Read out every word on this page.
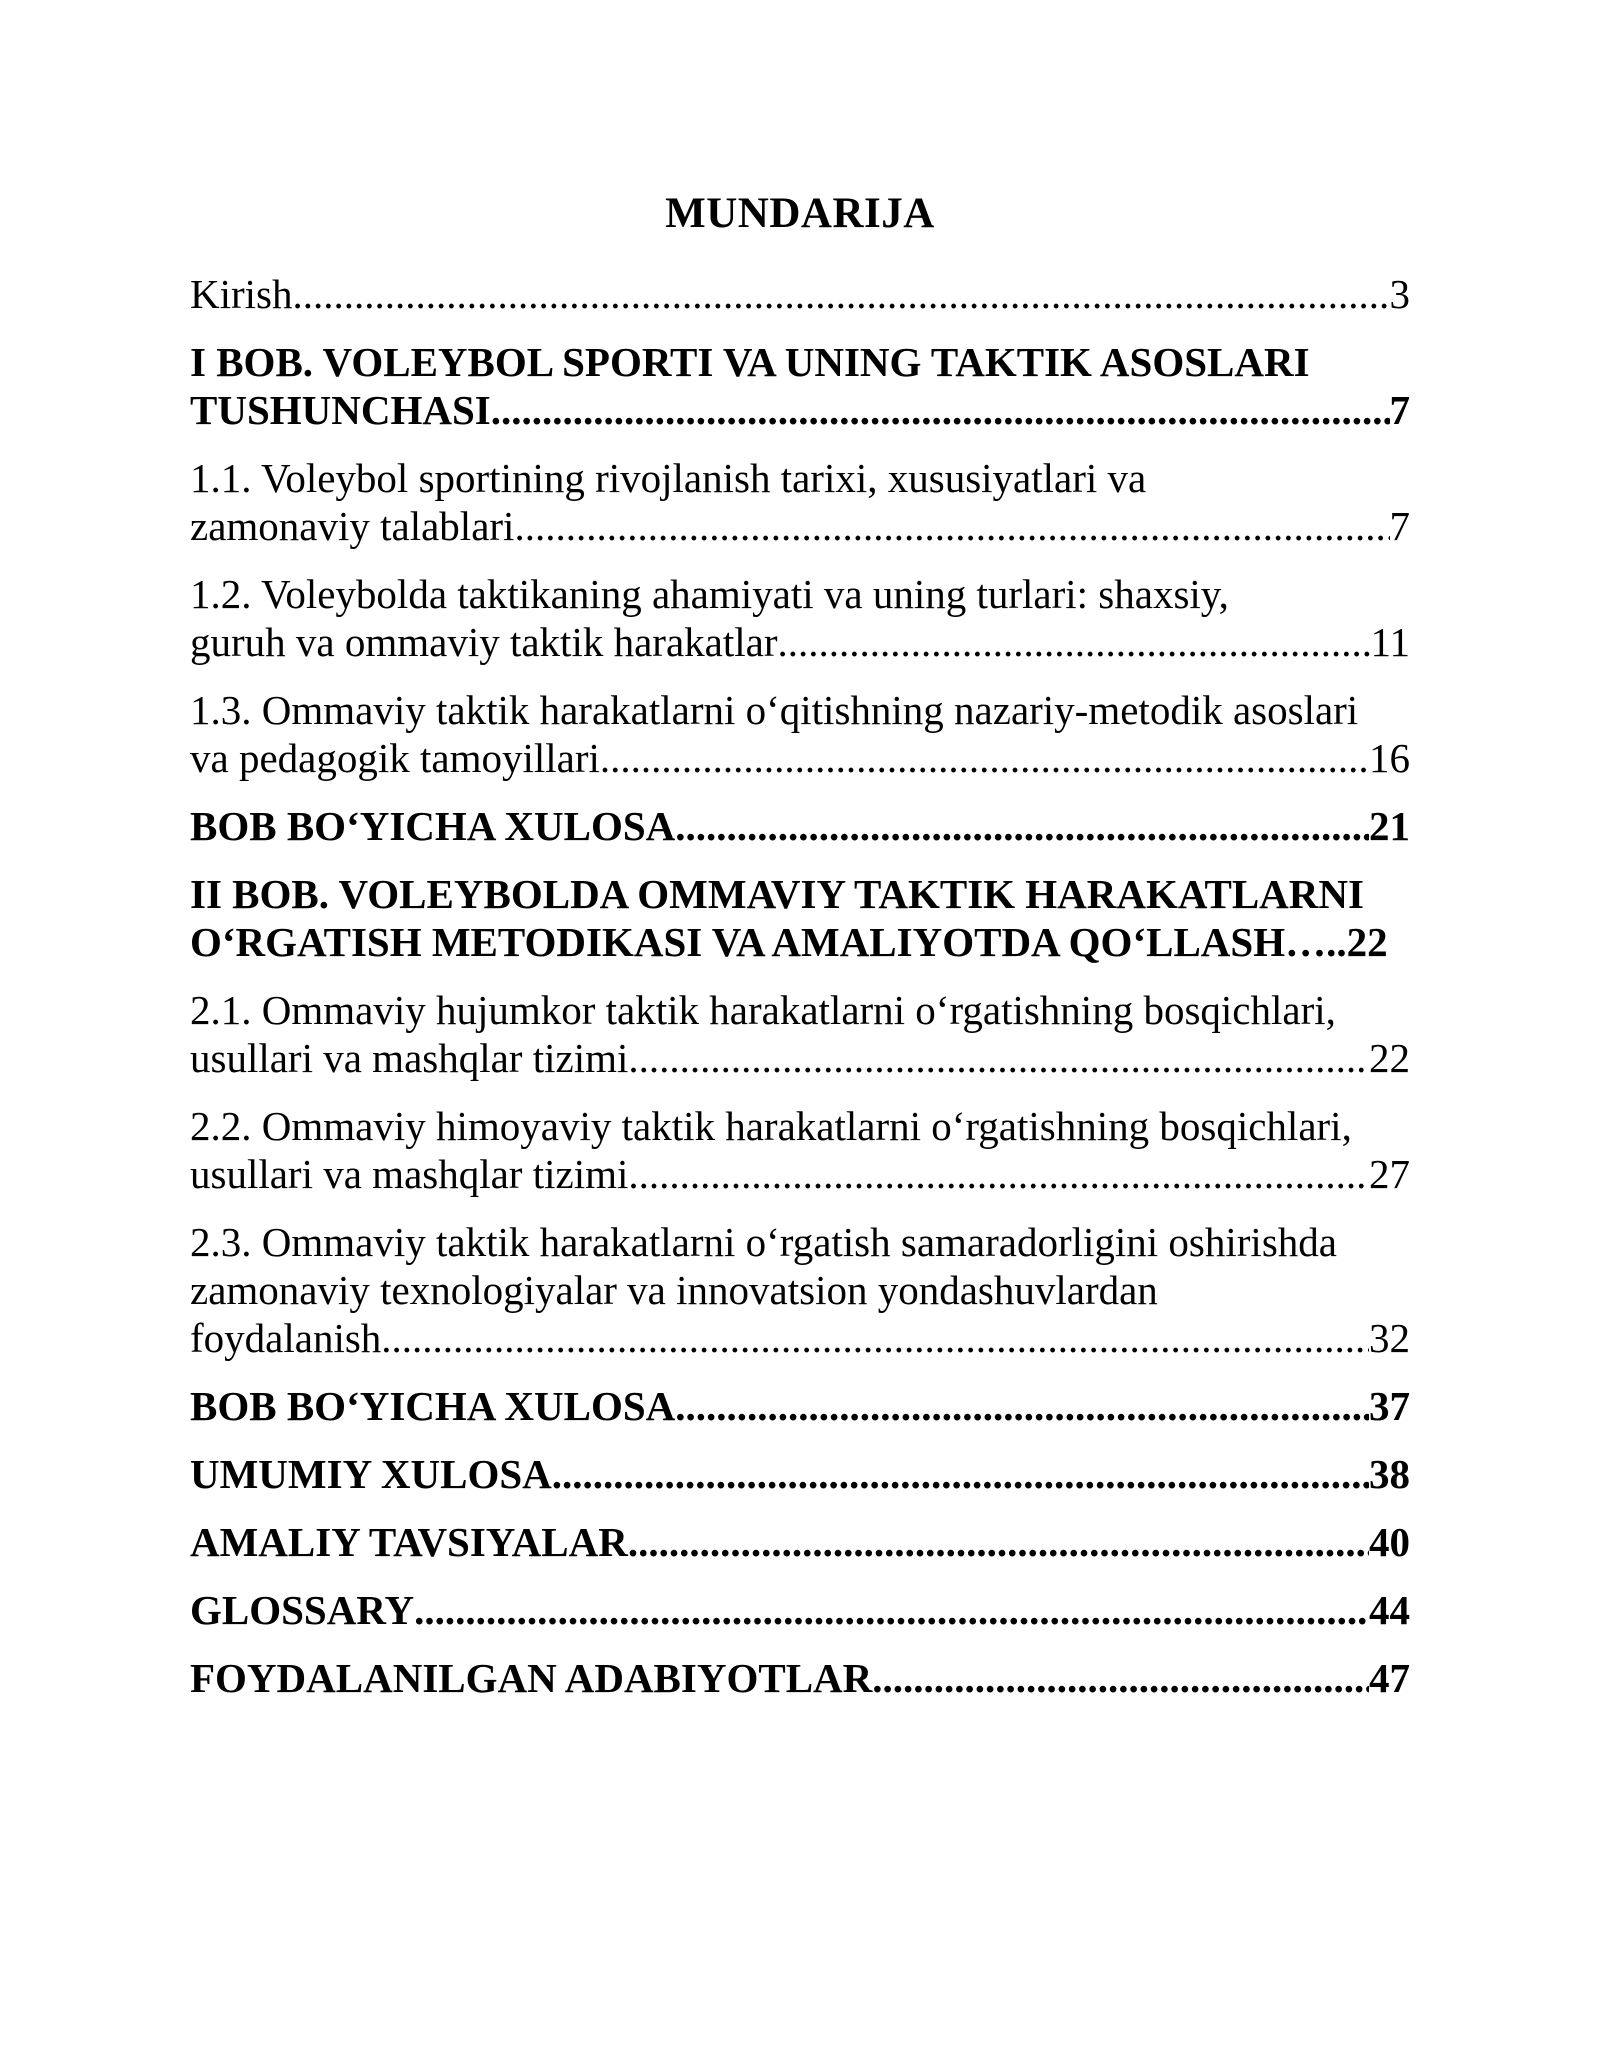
MUNDARIJA
Kirish .....	3
I BOB. VOLEYBOL SPORTI VA UNING TAKTIK ASOSLARI
TUSHUNCHASI .....	7
1.1. Voleybol sportining rivojlanish tarixi, xususiyatlari va
zamonaviy talablari .....	7
1.2. Voleybolda taktikaning ahamiyati va uning turlari: shaxsiy,
guruh va ommaviy taktik harakatlar .....	11
1.3. Ommaviy taktik harakatlarni o‘qitishning nazariy-metodik asoslari
va pedagogik tamoyillari .....	16
BOB BO‘YICHA XULOSA .....	21
II BOB. VOLEYBOLDA OMMAVIY TAKTIK HARAKATLARNI
O‘RGATISH METODIKASI VA AMALIYOTDA QO‘LLASH….. 22
2.1. Ommaviy hujumkor taktik harakatlarni o‘rgatishning bosqichlari,
usullari va mashqlar tizimi .....	22
2.2. Ommaviy himoyaviy taktik harakatlarni o‘rgatishning bosqichlari,
usullari va mashqlar tizimi .....	27
2.3. Ommaviy taktik harakatlarni o‘rgatish samaradorligini oshirishda
zamonaviy texnologiyalar va innovatsion yondashuvlardan
foydalanish .....	32
BOB BO‘YICHA XULOSA .....	37
UMUMIY XULOSA .....	38
AMALIY TAVSIYALAR .....	40
GLOSSARY .....	44
FOYDALANILGAN ADABIYOTLAR .....	47
